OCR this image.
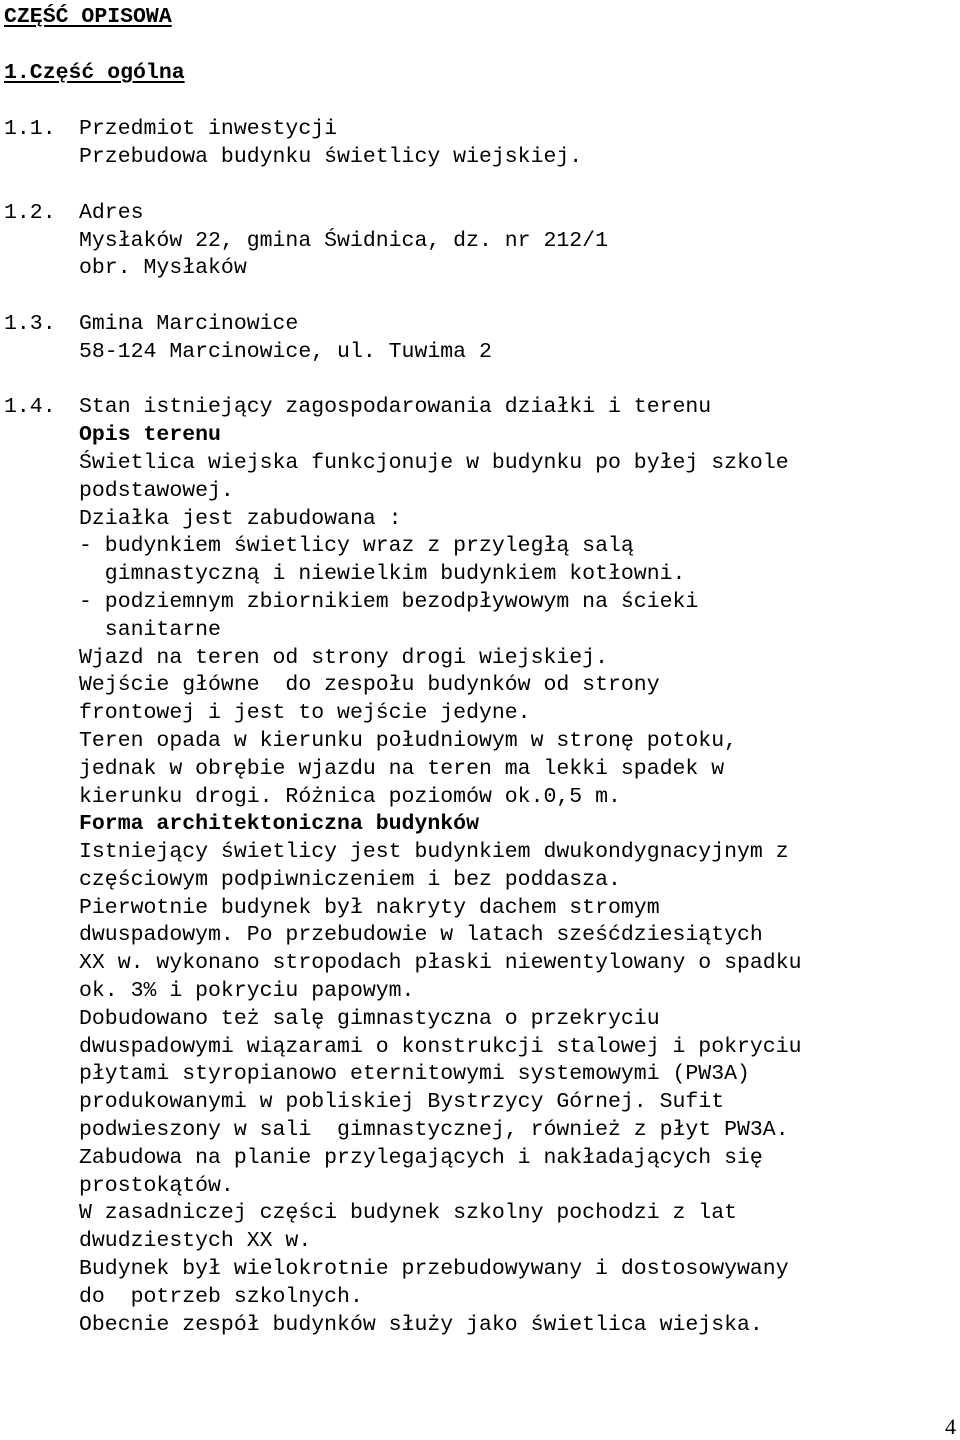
CZĘŚĆ OPISOWA
1.Część ogólna
1.1. Przedmiot inwestycji
Przebudowa budynku świetlicy wiejskiej.
1.2. Adres
Mysłaków 22, gmina Świdnica, dz. nr 212/1
obr. Mysłaków
1.3. Gmina Marcinowice
58-124 Marcinowice, ul. Tuwima 2
1.4. Stan istniejący zagospodarowania działki i terenu
Opis terenu
Świetlica wiejska funkcjonuje w budynku po byłej szkole
podstawowej.
Działka jest zabudowana :
- budynkiem świetlicy wraz z przyległą salą
gimnastyczną i niewielkim budynkiem kotłowni.
- podziemnym zbiornikiem bezodpływowym na ścieki
sanitarne
Wjazd na teren od strony drogi wiejskiej.
Wejście główne  do zespołu budynków od strony
frontowej i jest to wejście jedyne.
Teren opada w kierunku południowym w stronę potoku,
jednak w obrębie wjazdu na teren ma lekki spadek w
kierunku drogi. Różnica poziomów ok.0,5 m.
Forma architektoniczna budynków
Istniejący świetlicy jest budynkiem dwukondygnacyjnym z
częściowym podpiwniczeniem i bez poddasza.
Pierwotnie budynek był nakryty dachem stromym
dwuspadowym. Po przebudowie w latach sześćdziesiątych
XX w. wykonano stropodach płaski niewentylowany o spadku
ok. 3% i pokryciu papowym.
Dobudowano też salę gimnastyczna o przekryciu
dwuspadowymi wiązarami o konstrukcji stalowej i pokryciu
płytami styropianowo eternitowymi systemowymi (PW3A)
produkowanymi w pobliskiej Bystrzycy Górnej. Sufit
podwieszony w sali  gimnastycznej, również z płyt PW3A.
Zabudowa na planie przylegających i nakładających się
prostokątów.
W zasadniczej części budynek szkolny pochodzi z lat
dwudziestych XX w.
Budynek był wielokrotnie przebudowywany i dostosowywany
do  potrzeb szkolnych.
Obecnie zespół budynków służy jako świetlica wiejska.
4
